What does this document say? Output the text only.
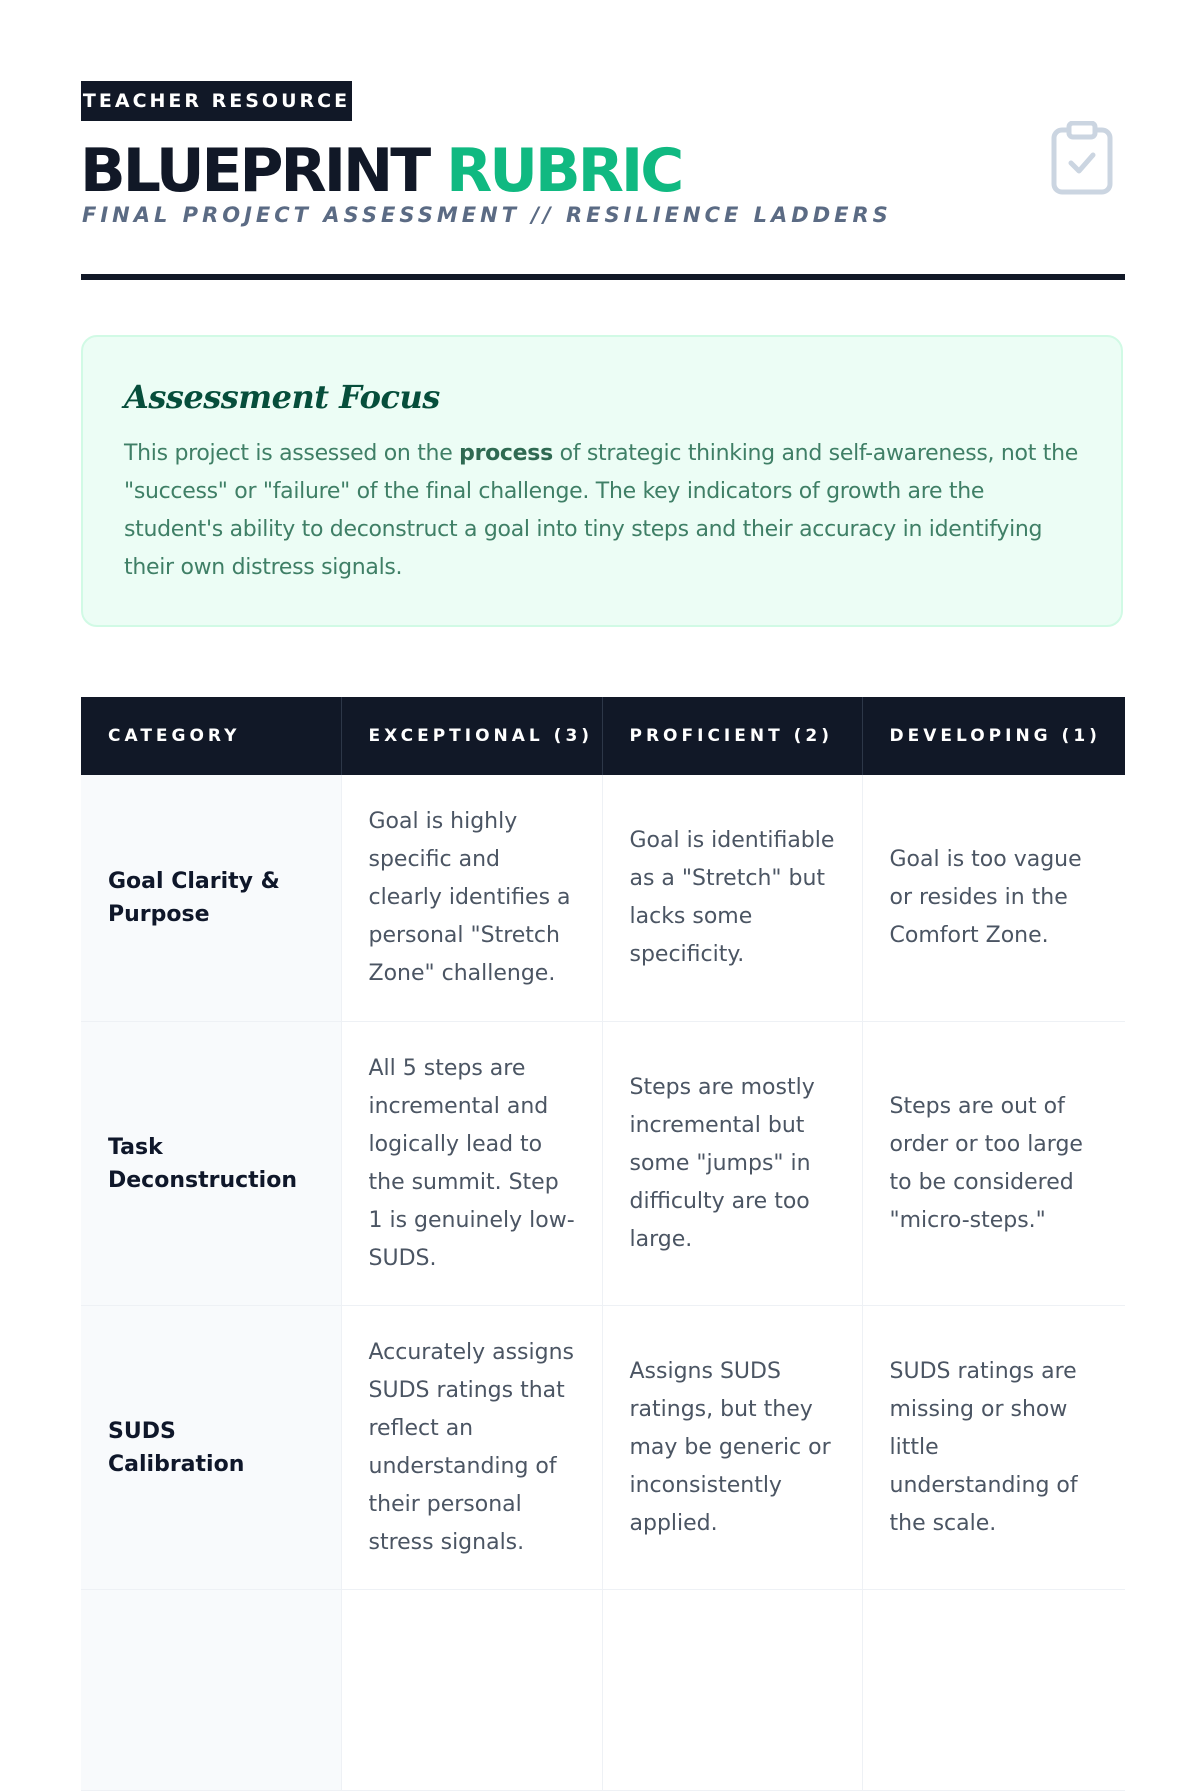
TEACHER RESOURCE
BLUEPRINT RUBRIC
FINAL PROJECT ASSESSMENT // RESILIENCE LADDERS
Assessment Focus

This project is assessed on the process of strategic thinking and self-awareness, not the "success" or "failure" of the final challenge. The key indicators of growth are the student's ability to deconstruct a goal into tiny steps and their accuracy in identifying their own distress signals.

CATEGORY	EXCEPTIONAL (3)	PROFICIENT (2)	DEVELOPING (1)
Goal Clarity & Purpose	Goal is highly specific and clearly identifies a personal "Stretch Zone" challenge.	Goal is identifiable as a "Stretch" but lacks some specificity.	Goal is too vague or resides in the Comfort Zone.
Task Deconstruction	All 5 steps are incremental and logically lead to the summit. Step 1 is genuinely low-SUDS.	Steps are mostly incremental but some "jumps" in difficulty are too large.	Steps are out of order or too large to be considered "micro-steps."
SUDS Calibration	Accurately assigns SUDS ratings that reflect an understanding of their personal stress signals.	Assigns SUDS ratings, but they may be generic or inconsistently applied.	SUDS ratings are missing or show little understanding of the scale.
